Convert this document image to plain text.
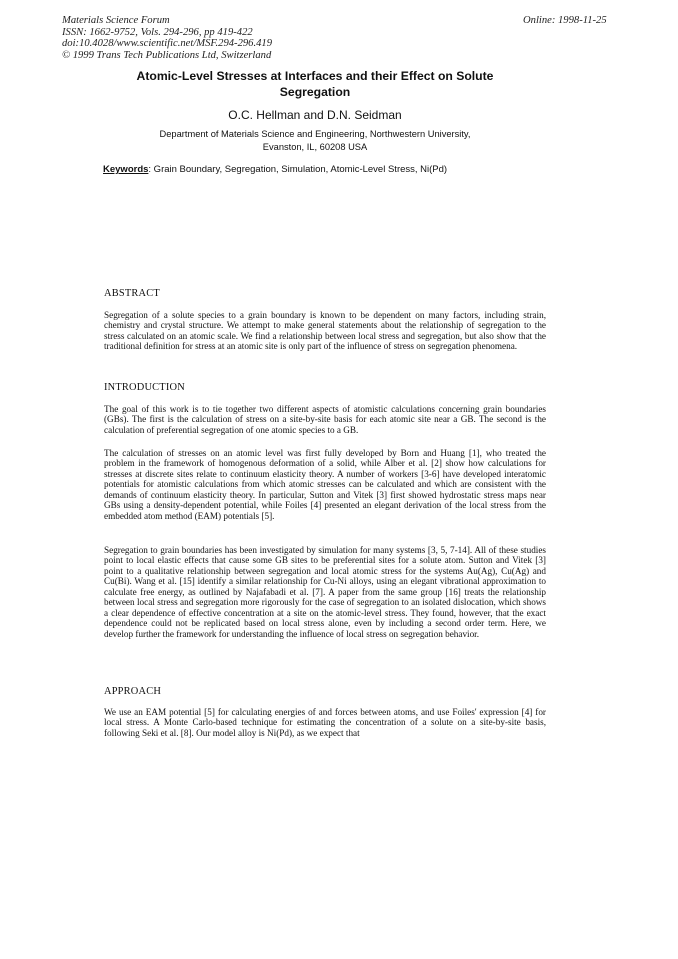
Materials Science Forum
ISSN: 1662-9752, Vols. 294-296, pp 419-422
doi:10.4028/www.scientific.net/MSF.294-296.419
© 1999 Trans Tech Publications Ltd, Switzerland
Online: 1998-11-25
Atomic-Level Stresses at Interfaces and their Effect on Solute Segregation
O.C. Hellman and D.N. Seidman
Department of Materials Science and Engineering, Northwestern University,
Evanston, IL, 60208 USA
Keywords: Grain Boundary, Segregation, Simulation, Atomic-Level Stress, Ni(Pd)
ABSTRACT
Segregation of a solute species to a grain boundary is known to be dependent on many factors, including strain, chemistry and crystal structure. We attempt to make general statements about the relationship of segregation to the stress calculated on an atomic scale. We find a relationship between local stress and segregation, but also show that the traditional definition for stress at an atomic site is only part of the influence of stress on segregation phenomena.
INTRODUCTION
The goal of this work is to tie together two different aspects of atomistic calculations concerning grain boundaries (GBs). The first is the calculation of stress on a site-by-site basis for each atomic site near a GB. The second is the calculation of preferential segregation of one atomic species to a GB.
The calculation of stresses on an atomic level was first fully developed by Born and Huang [1], who treated the problem in the framework of homogenous deformation of a solid, while Alber et al. [2] show how calculations for stresses at discrete sites relate to continuum elasticity theory. A number of workers [3-6] have developed interatomic potentials for atomistic calculations from which atomic stresses can be calculated and which are consistent with the demands of continuum elasticity theory. In particular, Sutton and Vitek [3] first showed hydrostatic stress maps near GBs using a density-dependent potential, while Foiles [4] presented an elegant derivation of the local stress from the embedded atom method (EAM) potentials [5].
Segregation to grain boundaries has been investigated by simulation for many systems [3, 5, 7-14]. All of these studies point to local elastic effects that cause some GB sites to be preferential sites for a solute atom. Sutton and Vitek [3] point to a qualitative relationship between segregation and local atomic stress for the systems Au(Ag), Cu(Ag) and Cu(Bi). Wang et al. [15] identify a similar relationship for Cu-Ni alloys, using an elegant vibrational approximation to calculate free energy, as outlined by Najafabadi et al. [7]. A paper from the same group [16] treats the relationship between local stress and segregation more rigorously for the case of segregation to an isolated dislocation, which shows a clear dependence of effective concentration at a site on the atomic-level stress. They found, however, that the exact dependence could not be replicated based on local stress alone, even by including a second order term. Here, we develop further the framework for understanding the influence of local stress on segregation behavior.
APPROACH
We use an EAM potential [5] for calculating energies of and forces between atoms, and use Foiles' expression [4] for local stress. A Monte Carlo-based technique for estimating the concentration of a solute on a site-by-site basis, following Seki et al. [8]. Our model alloy is Ni(Pd), as we expect that
